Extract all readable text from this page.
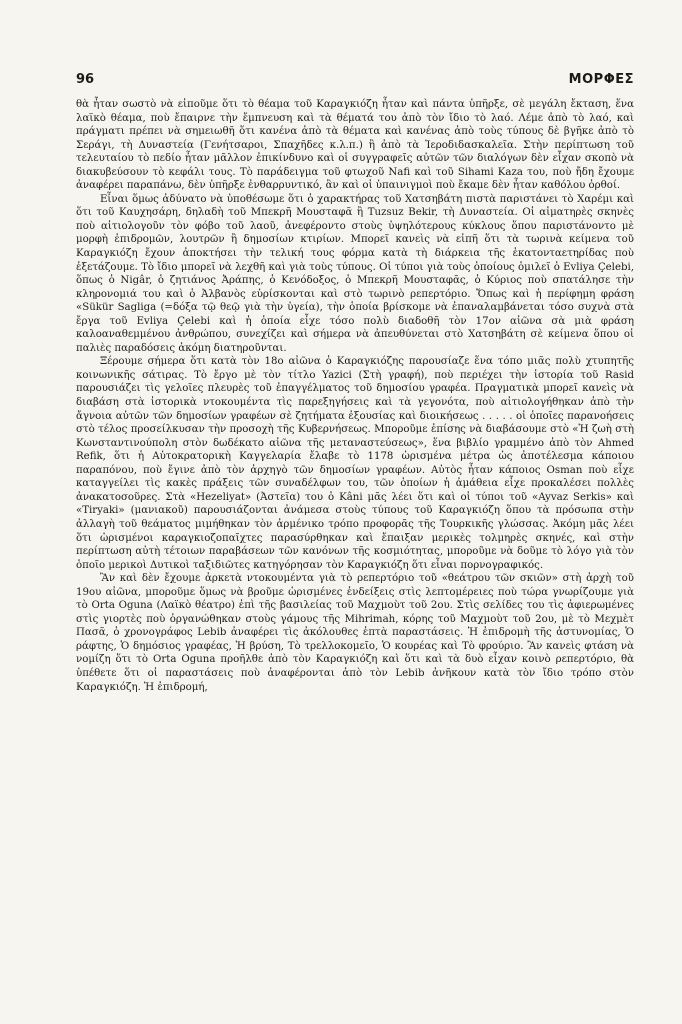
96	ΜΟΡΦΕΣ

θὰ ἦταν σωστὸ νὰ εἰποῦμε ὅτι τὸ θέαμα τοῦ Καραγκιόζη ἦταν καὶ πάντα ὑπῆρξε, σὲ μεγάλη ἔκταση, ἕνα λαϊκὸ θέαμα, ποὺ ἔπαιρνε τὴν ἔμπνευση καὶ τὰ θέματά του ἀπὸ τὸν ἴδιο τὸ λαό. Λέμε ἀπὸ τὸ λαό, καὶ πράγματι πρέπει νὰ σημειωθῆ ὅτι κανένα ἀπὸ τὰ θέματα καὶ κανένας ἀπὸ τοὺς τύπους δὲ βγῆκε ἀπὸ τὸ Σεράγι, τὴ Δυναστεία (Γενήτσαροι, Σπαχῆδες κ.λ.π.) ἢ ἀπὸ τὰ Ἱεροδιδασκαλεῖα. Στὴν περίπτωση τοῦ τελευταίου τὸ πεδίο ἦταν μᾶλλον ἐπικίνδυνο καὶ οἱ συγγραφεῖς αὐτῶν τῶν διαλόγων δὲν εἶχαν σκοπὸ νὰ διακυβεύσουν τὸ κεφάλι τους. Τὸ παράδειγμα τοῦ φτωχοῦ Nafi καὶ τοῦ Sihami Kaza του, ποὺ ἤδη ἔχουμε ἀναφέρει παραπάνω, δὲν ὑπῆρξε ἐνθαρρυντικό, ἂν καὶ οἱ ὑπαινιγμοὶ ποὺ ἔκαμε δὲν ἦταν καθόλου ὀρθοί.

Εἶναι ὅμως ἀδύνατο νὰ ὑποθέσωμε ὅτι ὁ χαρακτήρας τοῦ Χατσηβάτη πιστὰ παριστάνει τὸ Χαρέμι καὶ ὅτι τοῦ Καυχησάρη, δηλαδὴ τοῦ Μπεκρῆ Μουσταφᾶ ἢ Tuzsuz Bekir, τὴ Δυναστεία. Οἱ αἱματηρὲς σκηνὲς ποὺ αἰτιολογοῦν τὸν φόβο τοῦ λαοῦ, ἀνεφέροντο στοὺς ὑψηλότερους κύκλους ὅπου παριστάνοντο μὲ μορφὴ ἐπιδρομῶν, λουτρῶν ἢ δημοσίων κτιρίων. Μπορεῖ κανεὶς νὰ εἰπῆ ὅτι τὰ τωρινὰ κείμενα τοῦ Καραγκιόζη ἔχουν ἀποκτήσει τὴν τελική τους φόρμα κατὰ τὴ διάρκεια τῆς ἑκατονταετηρίδας ποὺ ἐξετάζουμε. Τὸ ἴδιο μπορεῖ νὰ λεχθῆ καὶ γιὰ τοὺς τύπους. Οἱ τύποι γιὰ τοὺς ὁποίους ὁμιλεῖ ὁ Evliya Çelebi, ὅπως ὁ Nigâr, ὁ ζητιάνος Ἀράπης, ὁ Κενόδοξος, ὁ Μπεκρῆ Μουσταφᾶς, ὁ Κύριος ποὺ σπατάλησε τὴν κληρονομιά του καὶ ὁ Ἀλβανὸς εὑρίσκονται καὶ στὸ τωρινὸ ρεπερτόριο. Ὅπως καὶ ἡ περίφημη φράση «Sükür Sagliga (=δόξα τῷ θεῷ γιὰ τὴν ὑγεία), τὴν ὁποία βρίσκομε νὰ ἐπαναλαμβάνεται τόσο συχνὰ στὰ ἔργα τοῦ Evliya Çelebi καὶ ἡ ὁποία εἶχε τόσο πολὺ διαδοθῆ τὸν 17ον αἰῶνα σὰ μιὰ φράση καλοαναθεμμένου ἀνθρώπου, συνεχίζει καὶ σήμερα νὰ ἀπευθύνεται στὸ Χατσηβάτη σὲ κείμενα ὅπου οἱ παλιὲς παραδόσεις ἀκόμη διατηροῦνται.

Ξέρουμε σήμερα ὅτι κατὰ τὸν 18ο αἰῶνα ὁ Καραγκιόζης παρουσίαζε ἕνα τόπο μιᾶς πολὺ χτυπητῆς κοινωνικῆς σάτιρας. Τὸ ἔργο μὲ τὸν τίτλο Yazici (Στὴ γραφή), ποὺ περιέχει τὴν ἱστορία τοῦ Rasid παρουσιάζει τὶς γελοῖες πλευρὲς τοῦ ἐπαγγέλματος τοῦ δημοσίου γραφέα. Πραγματικὰ μπορεῖ κανεὶς νὰ διαβάση στὰ ἱστορικὰ ντοκουμέντα τὶς παρεξηγήσεις καὶ τὰ γεγονότα, ποὺ αἰτιολογήθηκαν ἀπὸ τὴν ἄγνοια αὐτῶν τῶν δημοσίων γραφέων σὲ ζητήματα ἐξουσίας καὶ διοικήσεως . . . . . οἱ ὁποῖες παρανοήσεις στὸ τέλος προσείλκυσαν τὴν προσοχὴ τῆς Κυβερνήσεως. Μποροῦμε ἐπίσης νὰ διαβάσουμε στὸ «Ἡ ζωὴ στὴ Κωνσταντινούπολη στὸν δωδέκατο αἰῶνα τῆς μεταναστεύσεως», ἕνα βιβλίο γραμμένο ἀπὸ τὸν Ahmed Refik, ὅτι ἡ Αὐτοκρατορικὴ Καγγελαρία ἔλαβε τὸ 1178 ὡρισμένα μέτρα ὡς ἀποτέλεσμα κάποιου παραπόνου, ποὺ ἔγινε ἀπὸ τὸν ἀρχηγὸ τῶν δημοσίων γραφέων. Αὐτὸς ἦταν κάποιος Osman ποὺ εἶχε καταγγείλει τὶς κακὲς πράξεις τῶν συναδέλφων του, τῶν ὁποίων ἡ ἀμάθεια εἶχε προκαλέσει πολλὲς ἀνακατοσοῦρες. Στὰ «Hezeliyat» (Ἀστεῖα) του ὁ Kâni μᾶς λέει ὅτι καὶ οἱ τύποι τοῦ «Ayvaz Serkis» καὶ «Tiryaki» (μανιακοῦ) παρουσιάζονται ἀνάμεσα στοὺς τύπους τοῦ Καραγκιόζη ὅπου τὰ πρόσωπα στὴν ἀλλαγὴ τοῦ θεάματος μιμήθηκαν τὸν ἀρμένικο τρόπο προφορᾶς τῆς Τουρκικῆς γλώσσας. Ἀκόμη μᾶς λέει ὅτι ὡρισμένοι καραγκιοζοπαῖχτες παρασύρθηκαν καὶ ἔπαιξαν μερικὲς τολμηρὲς σκηνές, καὶ στὴν περίπτωση αὐτὴ τέτοιων παραβάσεων τῶν κανόνων τῆς κοσμιότητας, μποροῦμε νὰ δοῦμε τὸ λόγο γιὰ τὸν ὁποῖο μερικοὶ Δυτικοὶ ταξιδιῶτες κατηγόρησαν τὸν Καραγκιόζη ὅτι εἶναι πορνογραφικός.

Ἂν καὶ δὲν ἔχουμε ἀρκετὰ ντοκουμέντα γιὰ τὸ ρεπερτόριο τοῦ «θεάτρου τῶν σκιῶν» στὴ ἀρχὴ τοῦ 19ου αἰῶνα, μποροῦμε ὅμως νὰ βροῦμε ὡρισμένες ἐνδείξεις στὶς λεπτομέρειες ποὺ τώρα γνωρίζουμε γιὰ τὸ Orta Oguna (Λαϊκὸ θέατρο) ἐπὶ τῆς βασιλείας τοῦ Μαχμοὺτ τοῦ 2ου. Στὶς σελίδες του τὶς ἀφιερωμένες στὶς γιορτὲς ποὺ ὀργανώθηκαν στοὺς γάμους τῆς Mihrimah, κόρης τοῦ Μαχμοὺτ τοῦ 2ου, μὲ τὸ Μεχμὲτ Πασᾶ, ὁ χρονογράφος Lebib ἀναφέρει τὶς ἀκόλουθες ἑπτὰ παραστάσεις. Ἡ ἐπιδρομὴ τῆς ἀστυνομίας, Ὁ ράφτης, Ὁ δημόσιος γραφέας, Ἡ βρύση, Τὸ τρελλοκομεῖο, Ὁ κουρέας καὶ Τὸ φρούριο. Ἂν κανεὶς φτάση νὰ νομίζη ὅτι τὸ Orta Oguna προῆλθε ἀπὸ τὸν Καραγκιόζη καὶ ὅτι καὶ τὰ δυὸ εἶχαν κοινὸ ρεπερτόριο, θὰ ὑπέθετε ὅτι οἱ παραστάσεις ποὺ ἀναφέρονται ἀπὸ τὸν Lebib ἀνῆκουν κατὰ τὸν ἴδιο τρόπο στὸν Καραγκιόζη. Ἡ ἐπιδρομή,
